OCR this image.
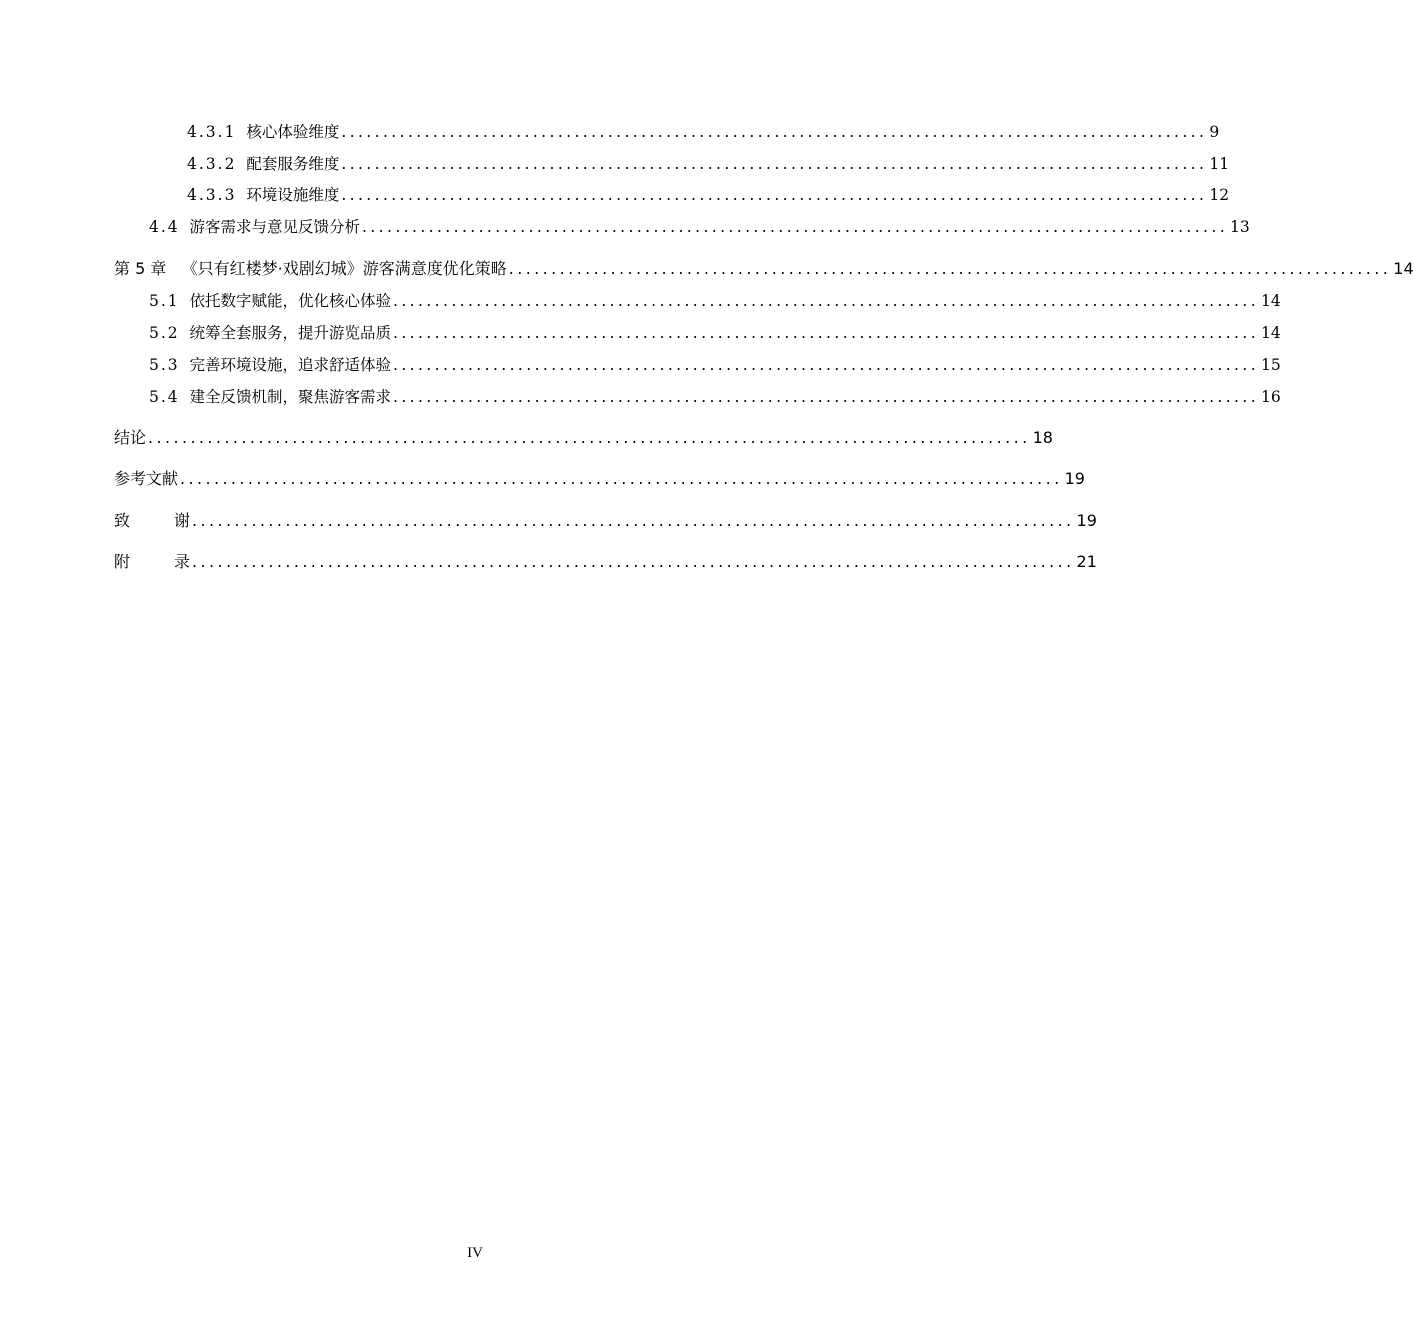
4.3.1 核心体验维度 ........................................................................................................ 9
4.3.2 配套服务维度 ........................................................................................................ 11
4.3.3 环境设施维度 ........................................................................................................ 12
4.4 游客需求与意见反馈分析 ........................................................................................................ 13
第 5 章 《只有红楼梦·戏剧幻城》游客满意度优化策略 ........................................................................................................ 14
5.1 依托数字赋能，优化核心体验 ........................................................................................................ 14
5.2 统筹全套服务，提升游览品质 ........................................................................................................ 14
5.3 完善环境设施，追求舒适体验 ........................................................................................................ 15
5.4 建全反馈机制，聚焦游客需求 ........................................................................................................ 16
结论 ........................................................................................................ 18
参考文献 ........................................................................................................ 19
致	谢 ........................................................................................................ 19
附	录 ........................................................................................................ 21
IV
